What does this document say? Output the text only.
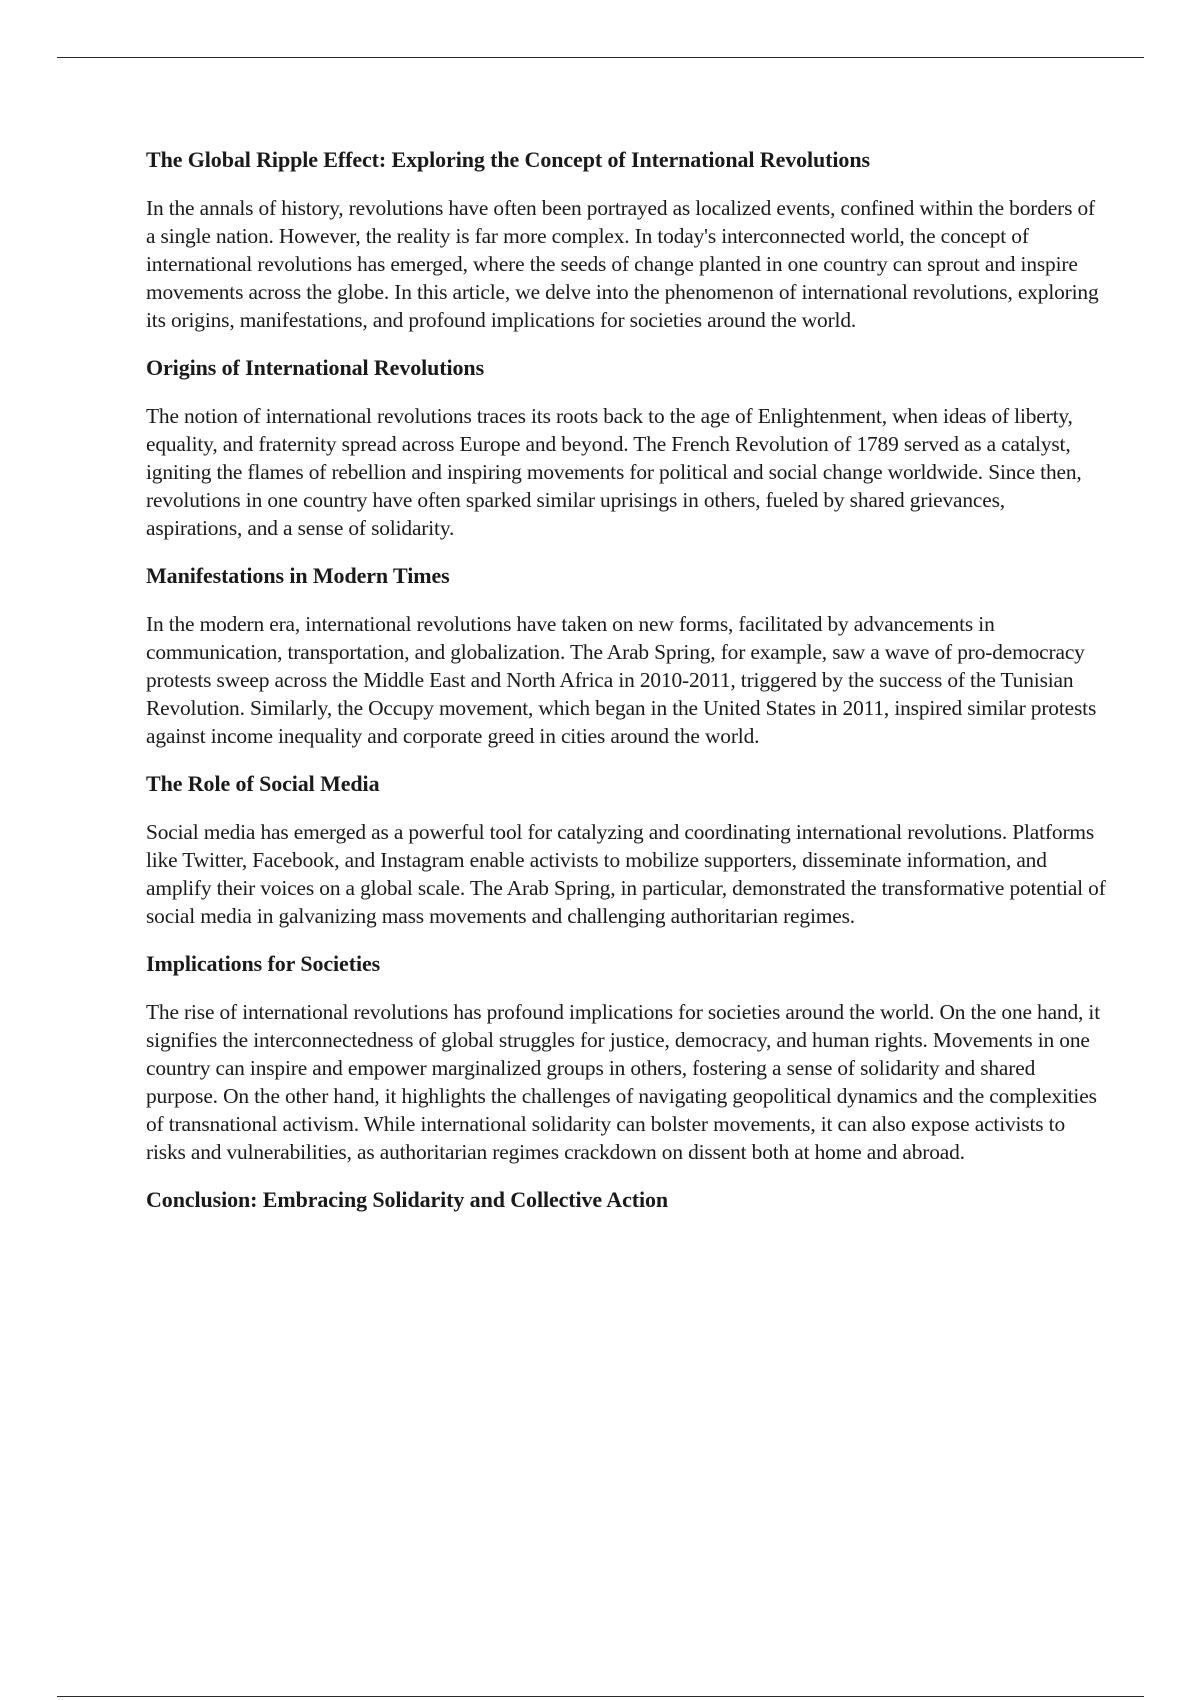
The Global Ripple Effect: Exploring the Concept of International Revolutions

In the annals of history, revolutions have often been portrayed as localized events, confined within the borders of a single nation. However, the reality is far more complex. In today's interconnected world, the concept of international revolutions has emerged, where the seeds of change planted in one country can sprout and inspire movements across the globe. In this article, we delve into the phenomenon of international revolutions, exploring its origins, manifestations, and profound implications for societies around the world.

Origins of International Revolutions

The notion of international revolutions traces its roots back to the age of Enlightenment, when ideas of liberty, equality, and fraternity spread across Europe and beyond. The French Revolution of 1789 served as a catalyst, igniting the flames of rebellion and inspiring movements for political and social change worldwide. Since then, revolutions in one country have often sparked similar uprisings in others, fueled by shared grievances, aspirations, and a sense of solidarity.

Manifestations in Modern Times

In the modern era, international revolutions have taken on new forms, facilitated by advancements in communication, transportation, and globalization. The Arab Spring, for example, saw a wave of pro-democracy protests sweep across the Middle East and North Africa in 2010-2011, triggered by the success of the Tunisian Revolution. Similarly, the Occupy movement, which began in the United States in 2011, inspired similar protests against income inequality and corporate greed in cities around the world.

The Role of Social Media

Social media has emerged as a powerful tool for catalyzing and coordinating international revolutions. Platforms like Twitter, Facebook, and Instagram enable activists to mobilize supporters, disseminate information, and amplify their voices on a global scale. The Arab Spring, in particular, demonstrated the transformative potential of social media in galvanizing mass movements and challenging authoritarian regimes.

Implications for Societies

The rise of international revolutions has profound implications for societies around the world. On the one hand, it signifies the interconnectedness of global struggles for justice, democracy, and human rights. Movements in one country can inspire and empower marginalized groups in others, fostering a sense of solidarity and shared purpose. On the other hand, it highlights the challenges of navigating geopolitical dynamics and the complexities of transnational activism. While international solidarity can bolster movements, it can also expose activists to risks and vulnerabilities, as authoritarian regimes crackdown on dissent both at home and abroad.

Conclusion: Embracing Solidarity and Collective Action
